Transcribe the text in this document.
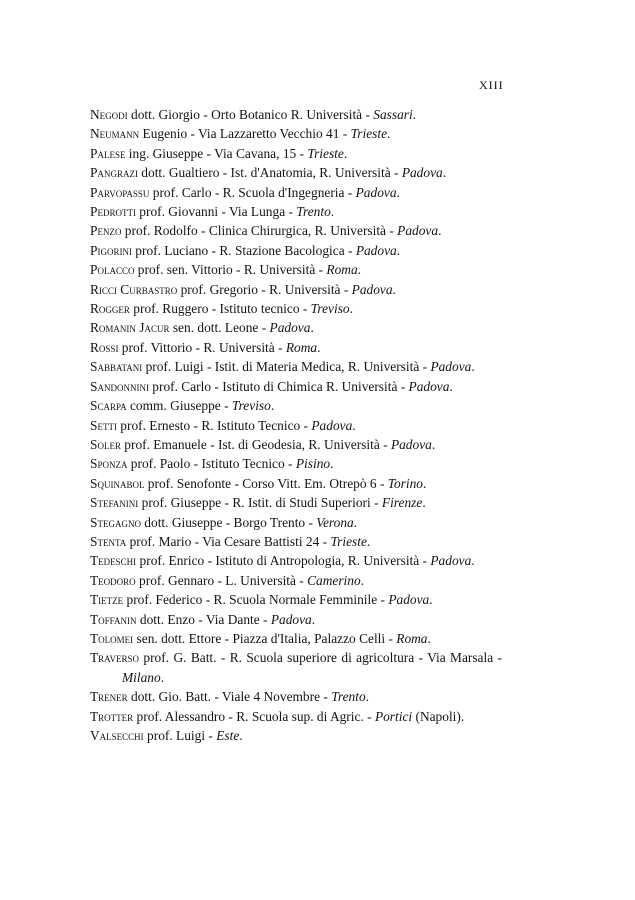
XIII
Negodi dott. Giorgio - Orto Botanico R. Università - Sassari.
Neumann Eugenio - Via Lazzaretto Vecchio 41 - Trieste.
Palese ing. Giuseppe - Via Cavana, 15 - Trieste.
Pangrazi dott. Gualtiero - Ist. d'Anatomia, R. Università - Padova.
Parvopassu prof. Carlo - R. Scuola d'Ingegneria - Padova.
Pedrotti prof. Giovanni - Via Lunga - Trento.
Penzo prof. Rodolfo - Clinica Chirurgica, R. Università - Padova.
Pigorini prof. Luciano - R. Stazione Bacologica - Padova.
Polacco prof. sen. Vittorio - R. Università - Roma.
Ricci Curbastro prof. Gregorio - R. Università - Padova.
Rogger prof. Ruggero - Istituto tecnico - Treviso.
Romanin Jacur sen. dott. Leone - Padova.
Rossi prof. Vittorio - R. Università - Roma.
Sabbatani prof. Luigi - Istit. di Materia Medica, R. Università - Padova.
Sandonnini prof. Carlo - Istituto di Chimica R. Università - Padova.
Scarpa comm. Giuseppe - Treviso.
Setti prof. Ernesto - R. Istituto Tecnico - Padova.
Soler prof. Emanuele - Ist. di Geodesia, R. Università - Padova.
Sponza prof. Paolo - Istituto Tecnico - Pisino.
Squinabol prof. Senofonte - Corso Vitt. Em. Otrepò 6 - Torino.
Stefanini prof. Giuseppe - R. Istit. di Studi Superiori - Firenze.
Stegagno dott. Giuseppe - Borgo Trento - Verona.
Stenta prof. Mario - Via Cesare Battisti 24 - Trieste.
Tedeschi prof. Enrico - Istituto di Antropologia, R. Università - Padova.
Teodoro prof. Gennaro - L. Università - Camerino.
Tietze prof. Federico - R. Scuola Normale Femminile - Padova.
Toffanin dott. Enzo - Via Dante - Padova.
Tolomei sen. dott. Ettore - Piazza d'Italia, Palazzo Celli - Roma.
Traverso prof. G. Batt. - R. Scuola superiore di agricoltura - Via Marsala - Milano.
Trener dott. Gio. Batt. - Viale 4 Novembre - Trento.
Trotter prof. Alessandro - R. Scuola sup. di Agric. - Portici (Napoli).
Valsecchi prof. Luigi - Este.
